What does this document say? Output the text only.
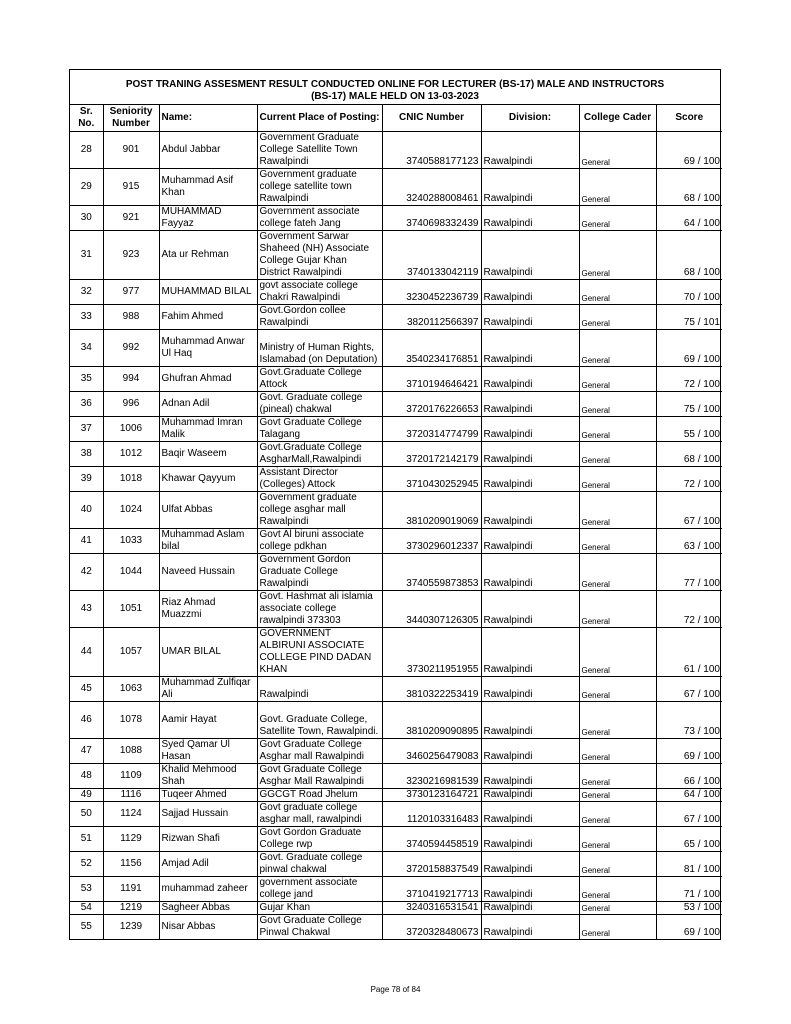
POST TRANING ASSESMENT RESULT CONDUCTED ONLINE FOR LECTURER (BS-17) MALE AND INSTRUCTORS
(BS-17) MALE HELD ON 13-03-2023
Sr.
No.	Seniority
Number	Name:	Current Place of Posting:	CNIC Number	Division:	College Cader	Score
28	901	Abdul Jabbar	Government Graduate
College Satellite Town
Rawalpindi	3740588177123	Rawalpindi	General	69 / 100
29	915	Muhammad Asif
Khan	Government graduate
college satellite town
Rawalpindi	3240288008461	Rawalpindi	General	68 / 100
30	921	MUHAMMAD
Fayyaz	Government associate
college fateh Jang	3740698332439	Rawalpindi	General	64 / 100
31	923	Ata ur Rehman	Government Sarwar
Shaheed (NH) Associate
College Gujar Khan
District Rawalpindi	3740133042119	Rawalpindi	General	68 / 100
32	977	MUHAMMAD BILAL	govt associate college
Chakri Rawalpindi	3230452236739	Rawalpindi	General	70 / 100
33	988	Fahim Ahmed	Govt.Gordon collee
Rawalpindi	3820112566397	Rawalpindi	General	75 / 101
34	992	Muhammad Anwar
Ul Haq	Ministry of Human Rights,
Islamabad (on Deputation)	3540234176851	Rawalpindi	General	69 / 100
35	994	Ghufran Ahmad	Govt.Graduate College
Attock	3710194646421	Rawalpindi	General	72 / 100
36	996	Adnan Adil	Govt. Graduate college
(pineal) chakwal	3720176226653	Rawalpindi	General	75 / 100
37	1006	Muhammad Imran
Malik	Govt Graduate College
Talagang	3720314774799	Rawalpindi	General	55 / 100
38	1012	Baqir Waseem	Govt.Graduate College
AsgharMall,Rawalpindi	3720172142179	Rawalpindi	General	68 / 100
39	1018	Khawar Qayyum	Assistant Director
(Colleges) Attock	3710430252945	Rawalpindi	General	72 / 100
40	1024	Ulfat Abbas	Government graduate
college asghar mall
Rawalpindi	3810209019069	Rawalpindi	General	67 / 100
41	1033	Muhammad Aslam
bilal	Govt Al biruni associate
college pdkhan	3730296012337	Rawalpindi	General	63 / 100
42	1044	Naveed Hussain	Government Gordon
Graduate College
Rawalpindi	3740559873853	Rawalpindi	General	77 / 100
43	1051	Riaz Ahmad
Muazzmi	Govt. Hashmat ali islamia
associate college
rawalpindi 373303	3440307126305	Rawalpindi	General	72 / 100
44	1057	UMAR BILAL	GOVERNMENT
ALBIRUNI ASSOCIATE
COLLEGE PIND DADAN
KHAN	3730211951955	Rawalpindi	General	61 / 100
45	1063	Muhammad Zulfiqar
Ali	Rawalpindi	3810322253419	Rawalpindi	General	67 / 100
46	1078	Aamir Hayat	Govt. Graduate College,
Satellite Town, Rawalpindi.	3810209090895	Rawalpindi	General	73 / 100
47	1088	Syed Qamar Ul
Hasan	Govt Graduate College
Asghar mall Rawalpindi	3460256479083	Rawalpindi	General	69 / 100
48	1109	Khalid Mehmood
Shah	Govt Graduate College
Asghar Mall Rawalpindi	3230216981539	Rawalpindi	General	66 / 100
49	1116	Tuqeer Ahmed	GGCGT Road Jhelum	3730123164721	Rawalpindi	General	64 / 100
50	1124	Sajjad Hussain	Govt graduate college
asghar mall, rawalpindi	1120103316483	Rawalpindi	General	67 / 100
51	1129	Rizwan Shafi	Govt Gordon Graduate
College rwp	3740594458519	Rawalpindi	General	65 / 100
52	1156	Amjad Adil	Govt. Graduate college
pinwal chakwal	3720158837549	Rawalpindi	General	81 / 100
53	1191	muhammad zaheer	government associate
college jand	3710419217713	Rawalpindi	General	71 / 100
54	1219	Sagheer Abbas	Gujar Khan	3240316531541	Rawalpindi	General	53 / 100
55	1239	Nisar Abbas	Govt Graduate College
Pinwal Chakwal	3720328480673	Rawalpindi	General	69 / 100
Page 78 of 84
